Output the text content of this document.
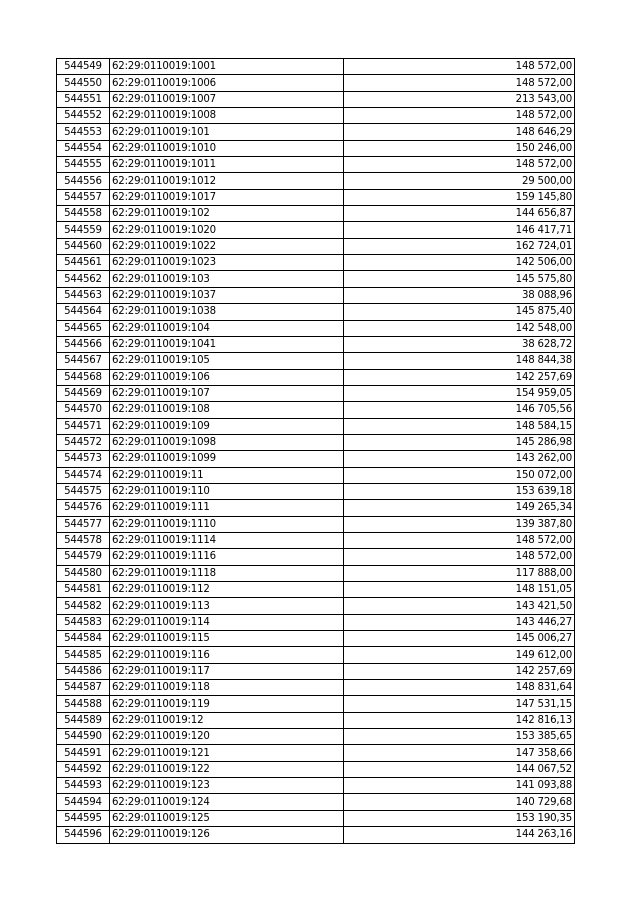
544549	62:29:0110019:1001	148 572,00
544550	62:29:0110019:1006	148 572,00
544551	62:29:0110019:1007	213 543,00
544552	62:29:0110019:1008	148 572,00
544553	62:29:0110019:101	148 646,29
544554	62:29:0110019:1010	150 246,00
544555	62:29:0110019:1011	148 572,00
544556	62:29:0110019:1012	29 500,00
544557	62:29:0110019:1017	159 145,80
544558	62:29:0110019:102	144 656,87
544559	62:29:0110019:1020	146 417,71
544560	62:29:0110019:1022	162 724,01
544561	62:29:0110019:1023	142 506,00
544562	62:29:0110019:103	145 575,80
544563	62:29:0110019:1037	38 088,96
544564	62:29:0110019:1038	145 875,40
544565	62:29:0110019:104	142 548,00
544566	62:29:0110019:1041	38 628,72
544567	62:29:0110019:105	148 844,38
544568	62:29:0110019:106	142 257,69
544569	62:29:0110019:107	154 959,05
544570	62:29:0110019:108	146 705,56
544571	62:29:0110019:109	148 584,15
544572	62:29:0110019:1098	145 286,98
544573	62:29:0110019:1099	143 262,00
544574	62:29:0110019:11	150 072,00
544575	62:29:0110019:110	153 639,18
544576	62:29:0110019:111	149 265,34
544577	62:29:0110019:1110	139 387,80
544578	62:29:0110019:1114	148 572,00
544579	62:29:0110019:1116	148 572,00
544580	62:29:0110019:1118	117 888,00
544581	62:29:0110019:112	148 151,05
544582	62:29:0110019:113	143 421,50
544583	62:29:0110019:114	143 446,27
544584	62:29:0110019:115	145 006,27
544585	62:29:0110019:116	149 612,00
544586	62:29:0110019:117	142 257,69
544587	62:29:0110019:118	148 831,64
544588	62:29:0110019:119	147 531,15
544589	62:29:0110019:12	142 816,13
544590	62:29:0110019:120	153 385,65
544591	62:29:0110019:121	147 358,66
544592	62:29:0110019:122	144 067,52
544593	62:29:0110019:123	141 093,88
544594	62:29:0110019:124	140 729,68
544595	62:29:0110019:125	153 190,35
544596	62:29:0110019:126	144 263,16
